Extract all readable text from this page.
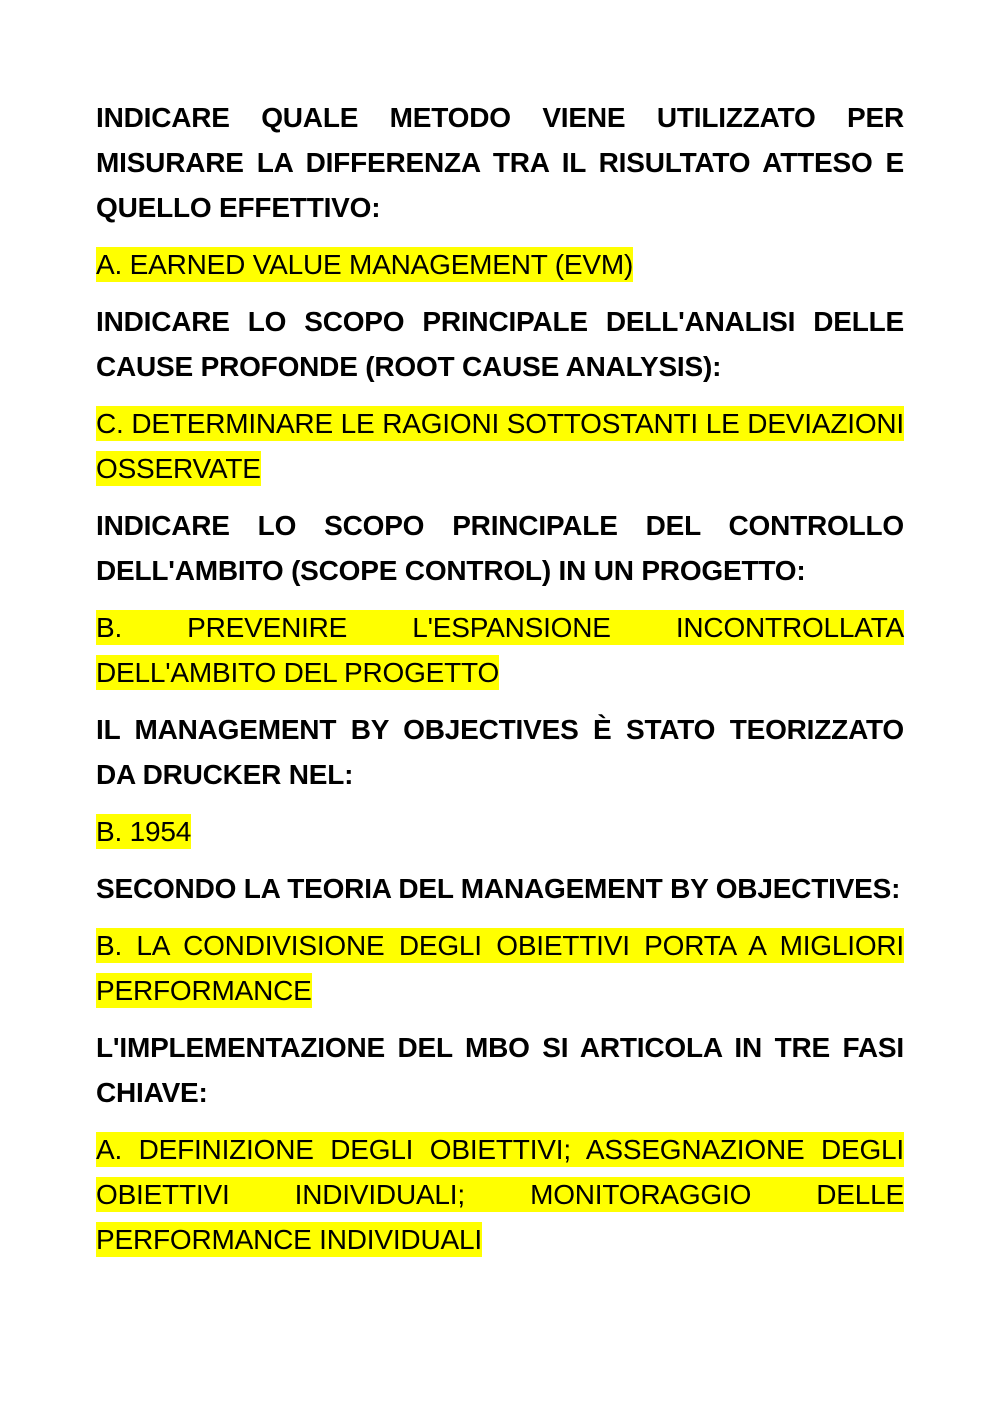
INDICARE QUALE METODO VIENE UTILIZZATO PER MISURARE LA DIFFERENZA TRA IL RISULTATO ATTESO E QUELLO EFFETTIVO:

A. EARNED VALUE MANAGEMENT (EVM)

INDICARE LO SCOPO PRINCIPALE DELL'ANALISI DELLE CAUSE PROFONDE (ROOT CAUSE ANALYSIS):

C. DETERMINARE LE RAGIONI SOTTOSTANTI LE DEVIAZIONI OSSERVATE

INDICARE LO SCOPO PRINCIPALE DEL CONTROLLO DELL'AMBITO (SCOPE CONTROL) IN UN PROGETTO:

B. PREVENIRE L'ESPANSIONE INCONTROLLATA DELL'AMBITO DEL PROGETTO

IL MANAGEMENT BY OBJECTIVES È STATO TEORIZZATO DA DRUCKER NEL:

B. 1954

SECONDO LA TEORIA DEL MANAGEMENT BY OBJECTIVES:

B. LA CONDIVISIONE DEGLI OBIETTIVI PORTA A MIGLIORI PERFORMANCE

L'IMPLEMENTAZIONE DEL MBO SI ARTICOLA IN TRE FASI CHIAVE:

A. DEFINIZIONE DEGLI OBIETTIVI; ASSEGNAZIONE DEGLI OBIETTIVI INDIVIDUALI; MONITORAGGIO DELLE PERFORMANCE INDIVIDUALI
